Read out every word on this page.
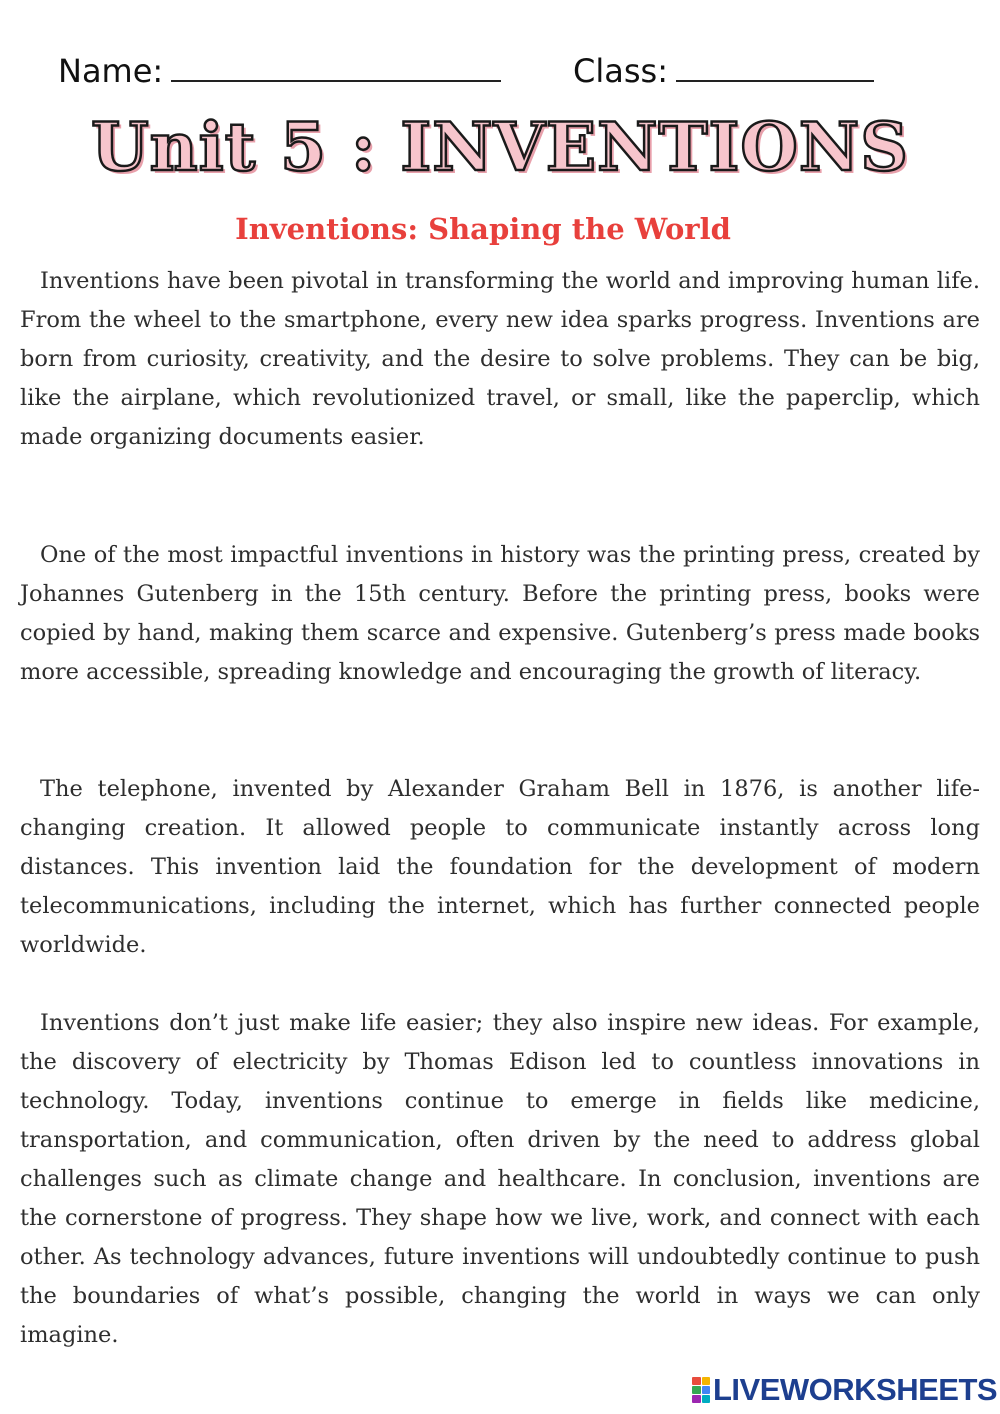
Name:	Class:
Unit 5 : INVENTIONS
Inventions: Shaping the World

Inventions have been pivotal in transforming the world and improving human life. From the wheel to the smartphone, every new idea sparks progress. Inventions are born from curiosity, creativity, and the desire to solve problems. They can be big, like the airplane, which revolutionized travel, or small, like the paperclip, which made organizing documents easier.

One of the most impactful inventions in history was the printing press, created by Johannes Gutenberg in the 15th century. Before the printing press, books were copied by hand, making them scarce and expensive. Gutenberg’s press made books more accessible, spreading knowledge and encouraging the growth of literacy.

The telephone, invented by Alexander Graham Bell in 1876, is another life-changing creation. It allowed people to communicate instantly across long distances. This invention laid the foundation for the development of modern telecommunications, including the internet, which has further connected people worldwide.

Inventions don’t just make life easier; they also inspire new ideas. For example, the discovery of electricity by Thomas Edison led to countless innovations in technology. Today, inventions continue to emerge in fields like medicine, transportation, and communication, often driven by the need to address global challenges such as climate change and healthcare. In conclusion, inventions are the cornerstone of progress. They shape how we live, work, and connect with each other. As technology advances, future inventions will undoubtedly continue to push the boundaries of what’s possible, changing the world in ways we can only imagine.

LIVEWORKSHEETS
